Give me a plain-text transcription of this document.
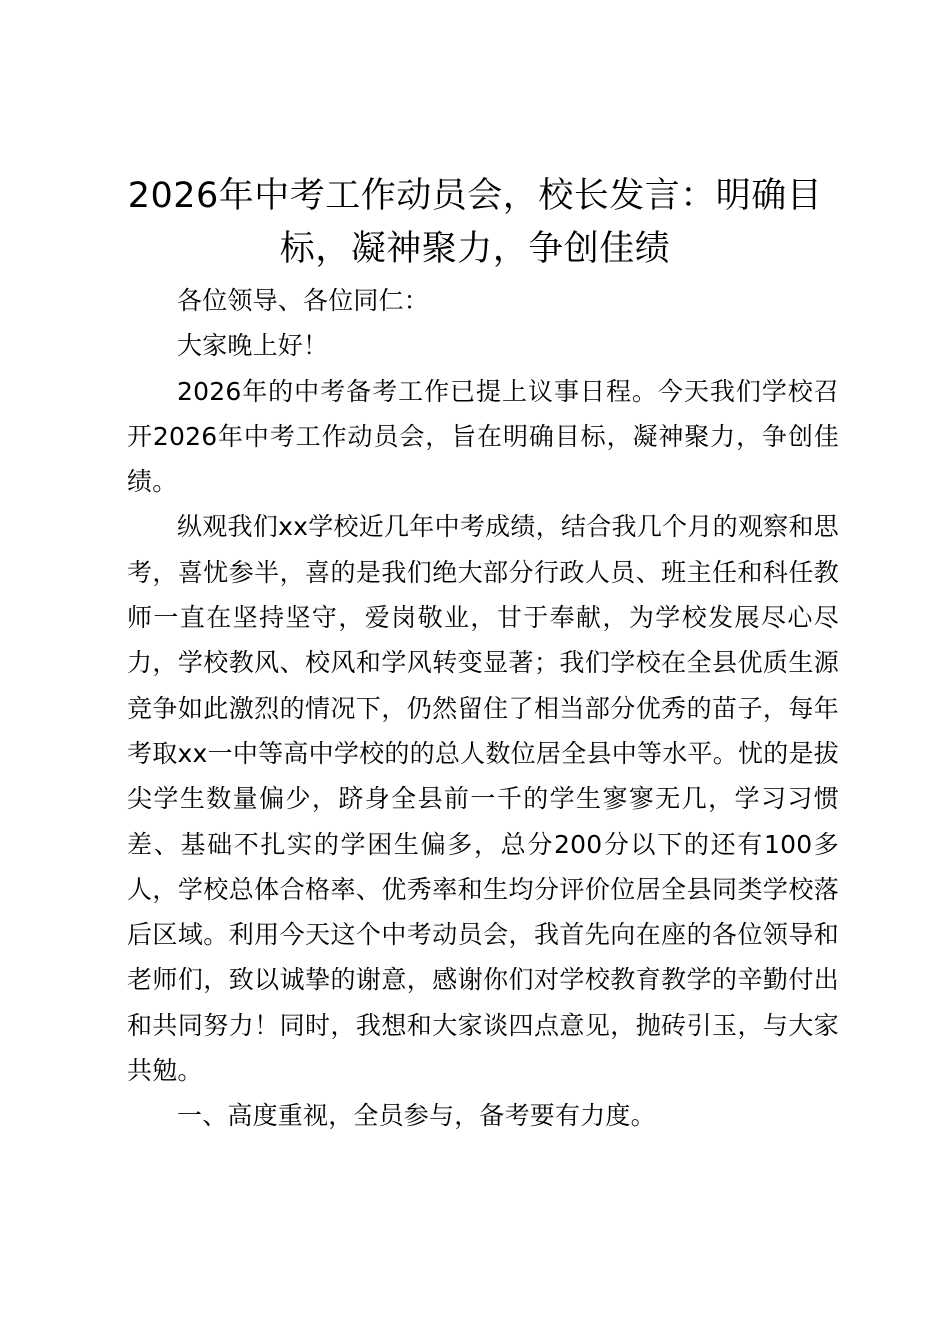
2026年中考工作动员会，校长发言：明确目标，凝神聚力，争创佳绩

各位领导、各位同仁：

大家晚上好！

2026年的中考备考工作已提上议事日程。今天我们学校召开2026年中考工作动员会，旨在明确目标，凝神聚力，争创佳绩。

纵观我们xx学校近几年中考成绩，结合我几个月的观察和思考，喜忧参半，喜的是我们绝大部分行政人员、班主任和科任教师一直在坚持坚守，爱岗敬业，甘于奉献，为学校发展尽心尽力，学校教风、校风和学风转变显著；我们学校在全县优质生源竞争如此激烈的情况下，仍然留住了相当部分优秀的苗子，每年考取xx一中等高中学校的的总人数位居全县中等水平。忧的是拔尖学生数量偏少，跻身全县前一千的学生寥寥无几，学习习惯差、基础不扎实的学困生偏多，总分200分以下的还有100多人，学校总体合格率、优秀率和生均分评价位居全县同类学校落后区域。利用今天这个中考动员会，我首先向在座的各位领导和老师们，致以诚挚的谢意，感谢你们对学校教育教学的辛勤付出和共同努力！同时，我想和大家谈四点意见，抛砖引玉，与大家共勉。

一、高度重视，全员参与，备考要有力度。
